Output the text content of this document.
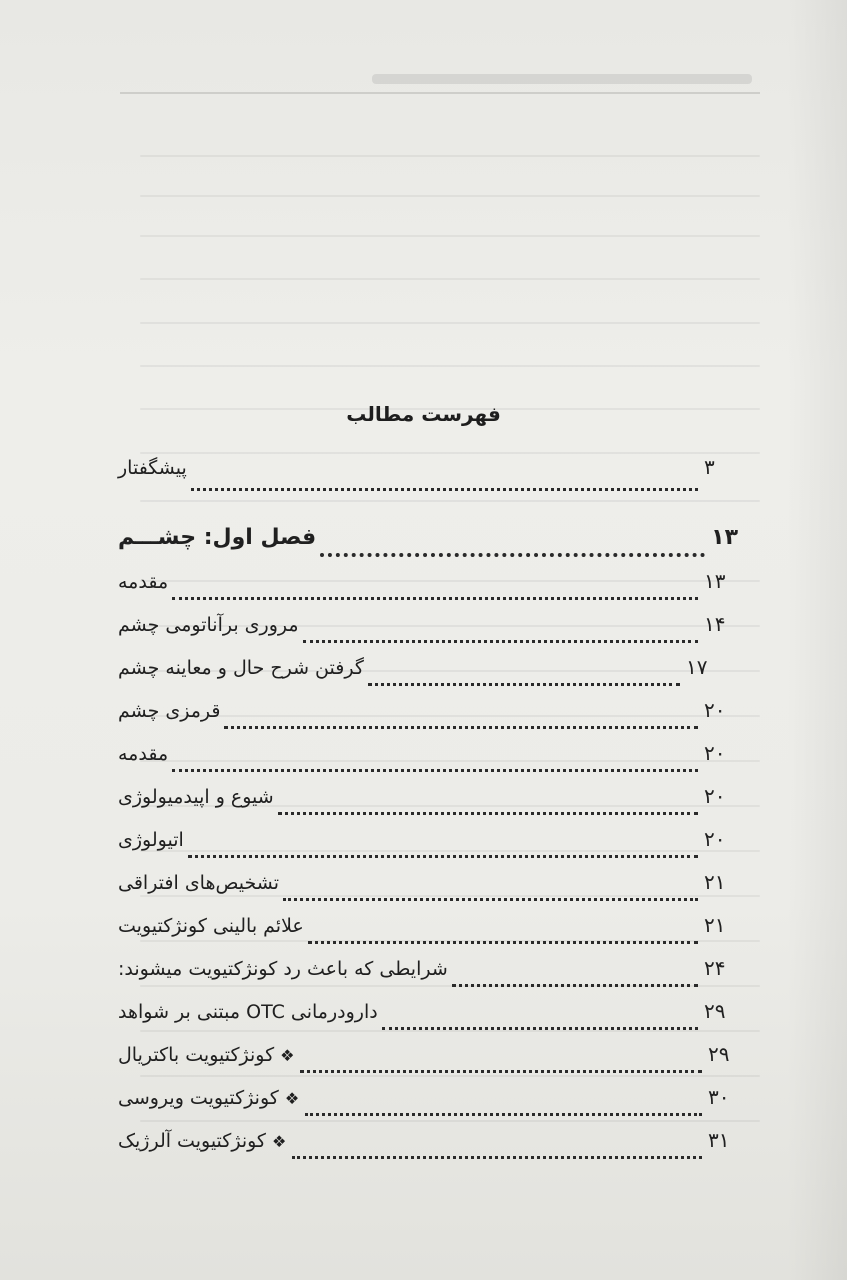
فهرست مطالب
پیشگفتار	۳
فصل اول: چشـــم	۱۳
مقدمه	۱۳
مروری برآناتومی چشم	۱۴
گرفتن شرح حال و معاینه چشم	۱۷
قرمزی چشم	۲۰
مقدمه	۲۰
شیوع و اپیدمیولوژی	۲۰
اتیولوژی	۲۰
تشخیص‌های افتراقی	۲۱
علائم بالینی کونژکتیویت	۲۱
شرایطی که باعث رد کونژکتیویت میشوند:	۲۴
دارودرمانی OTC مبتنی بر شواهد	۲۹
❖کونژکتیویت باکتریال	۲۹
❖کونژکتیویت ویروسی	۳۰
❖کونژکتیویت آلرژیک	۳۱
